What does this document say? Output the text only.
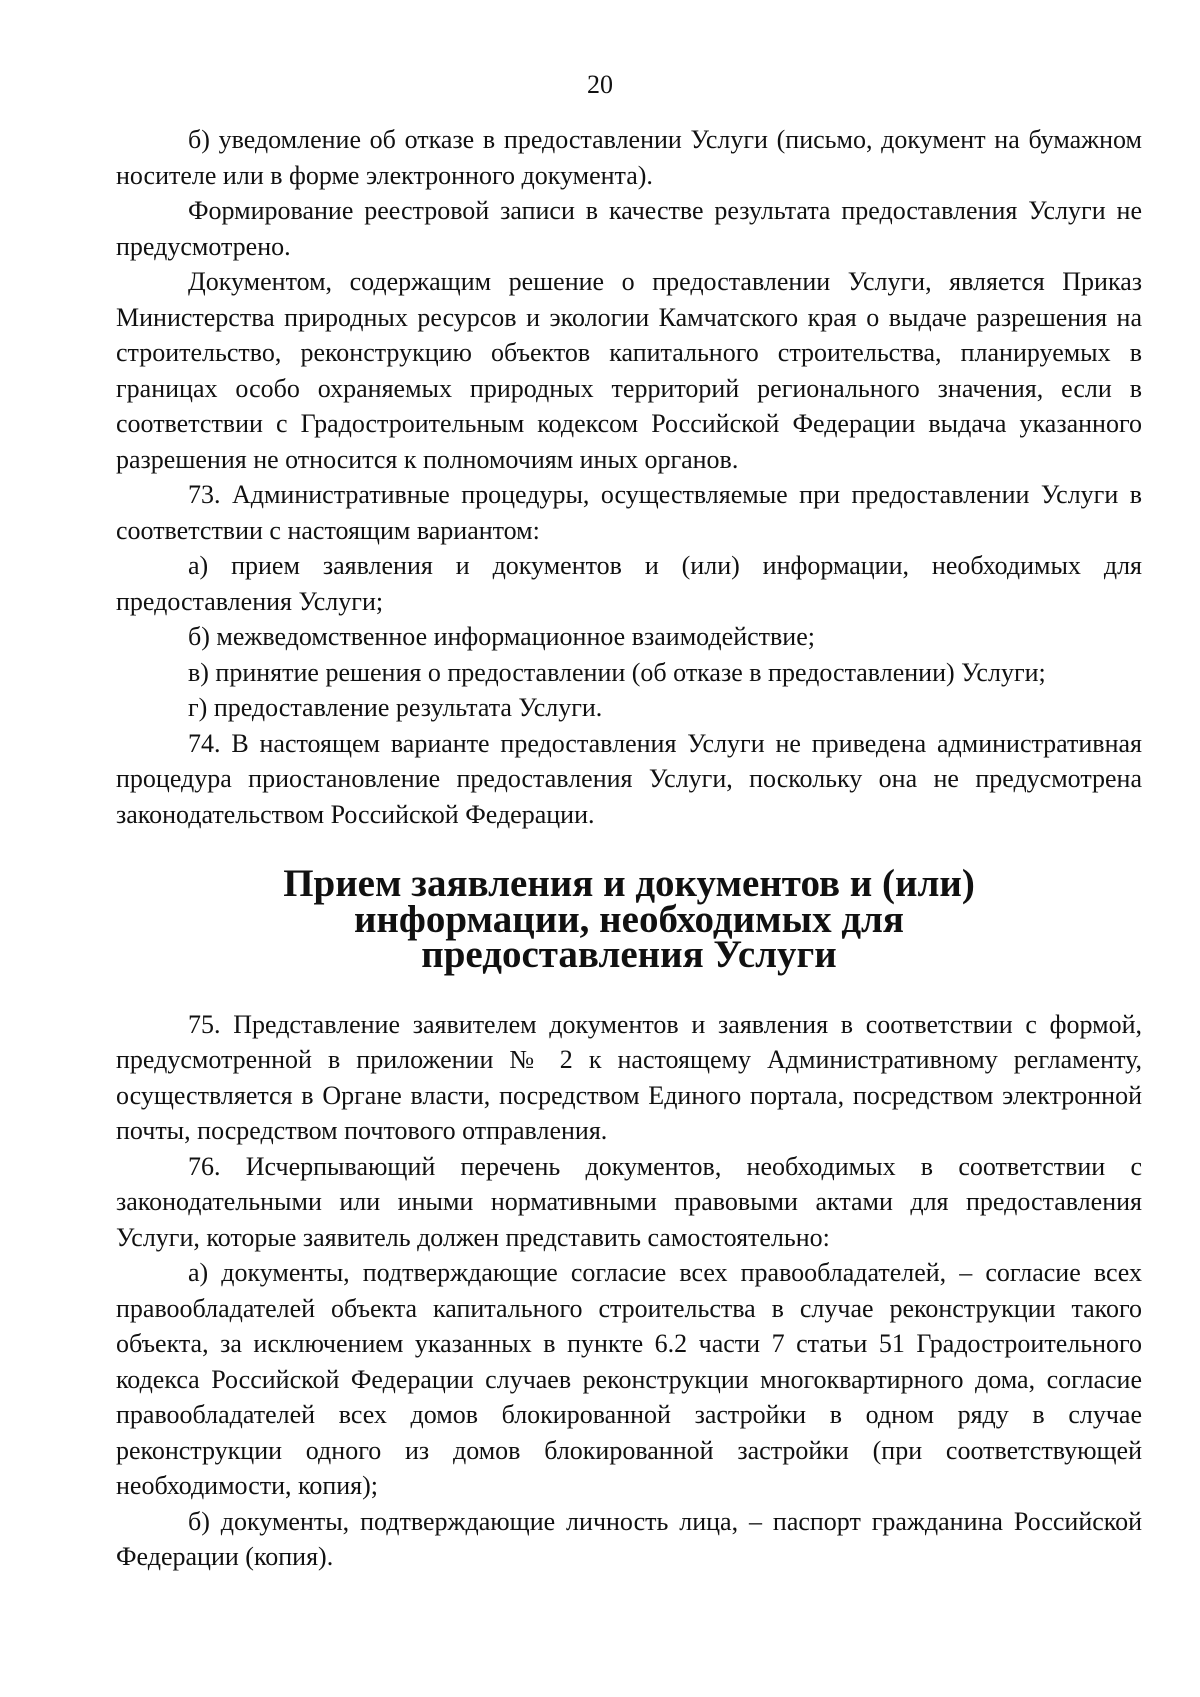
20

б) уведомление об отказе в предоставлении Услуги (письмо, документ на бумажном носителе или в форме электронного документа).

Формирование реестровой записи в качестве результата предоставления Услуги не предусмотрено.

Документом, содержащим решение о предоставлении Услуги, является Приказ Министерства природных ресурсов и экологии Камчатского края о выдаче разрешения на строительство, реконструкцию объектов капитального строительства, планируемых в границах особо охраняемых природных территорий регионального значения, если в соответствии с Градостроительным кодексом Российской Федерации выдача указанного разрешения не относится к полномочиям иных органов.

73. Административные процедуры, осуществляемые при предоставлении Услуги в соответствии с настоящим вариантом:

а) прием заявления и документов и (или) информации, необходимых для предоставления Услуги;

б) межведомственное информационное взаимодействие;

в) принятие решения о предоставлении (об отказе в предоставлении) Услуги;

г) предоставление результата Услуги.

74. В настоящем варианте предоставления Услуги не приведена административная процедура приостановление предоставления Услуги, поскольку она не предусмотрена законодательством Российской Федерации.

Прием заявления и документов и (или) информации, необходимых для
предоставления Услуги

75. Представление заявителем документов и заявления в соответствии с формой, предусмотренной в приложении № 2 к настоящему Административному регламенту, осуществляется в Органе власти, посредством Единого портала, посредством электронной почты, посредством почтового отправления.

76. Исчерпывающий перечень документов, необходимых в соответствии с законодательными или иными нормативными правовыми актами для предоставления Услуги, которые заявитель должен представить самостоятельно:

а) документы, подтверждающие согласие всех правообладателей, – согласие всех правообладателей объекта капитального строительства в случае реконструкции такого объекта, за исключением указанных в пункте 6.2 части 7 статьи 51 Градостроительного кодекса Российской Федерации случаев реконструкции многоквартирного дома, согласие правообладателей всех домов блокированной застройки в одном ряду в случае реконструкции одного из домов блокированной застройки (при соответствующей необходимости, копия);

б) документы, подтверждающие личность лица, – паспорт гражданина Российской Федерации (копия).
